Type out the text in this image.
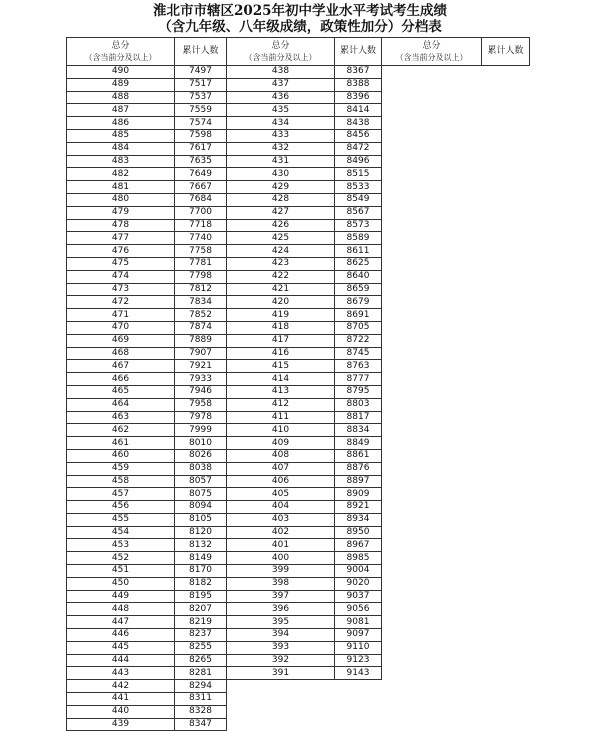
淮北市市辖区2025年初中学业水平考试考生成绩
（含九年级、八年级成绩，政策性加分）分档表
总分
（含当前分及以上）	累计人数
490	7497
489	7517
488	7537
487	7559
486	7574
485	7598
484	7617
483	7635
482	7649
481	7667
480	7684
479	7700
478	7718
477	7740
476	7758
475	7781
474	7798
473	7812
472	7834
471	7852
470	7874
469	7889
468	7907
467	7921
466	7933
465	7946
464	7958
463	7978
462	7999
461	8010
460	8026
459	8038
458	8057
457	8075
456	8094
455	8105
454	8120
453	8132
452	8149
451	8170
450	8182
449	8195
448	8207
447	8219
446	8237
445	8255
444	8265
443	8281
442	8294
441	8311
440	8328
439	8347
总分
（含当前分及以上）	累计人数
438	8367
437	8388
436	8396
435	8414
434	8438
433	8456
432	8472
431	8496
430	8515
429	8533
428	8549
427	8567
426	8573
425	8589
424	8611
423	8625
422	8640
421	8659
420	8679
419	8691
418	8705
417	8722
416	8745
415	8763
414	8777
413	8795
412	8803
411	8817
410	8834
409	8849
408	8861
407	8876
406	8897
405	8909
404	8921
403	8934
402	8950
401	8967
400	8985
399	9004
398	9020
397	9037
396	9056
395	9081
394	9097
393	9110
392	9123
391	9143
总分
（含当前分及以上）
	累计人数
